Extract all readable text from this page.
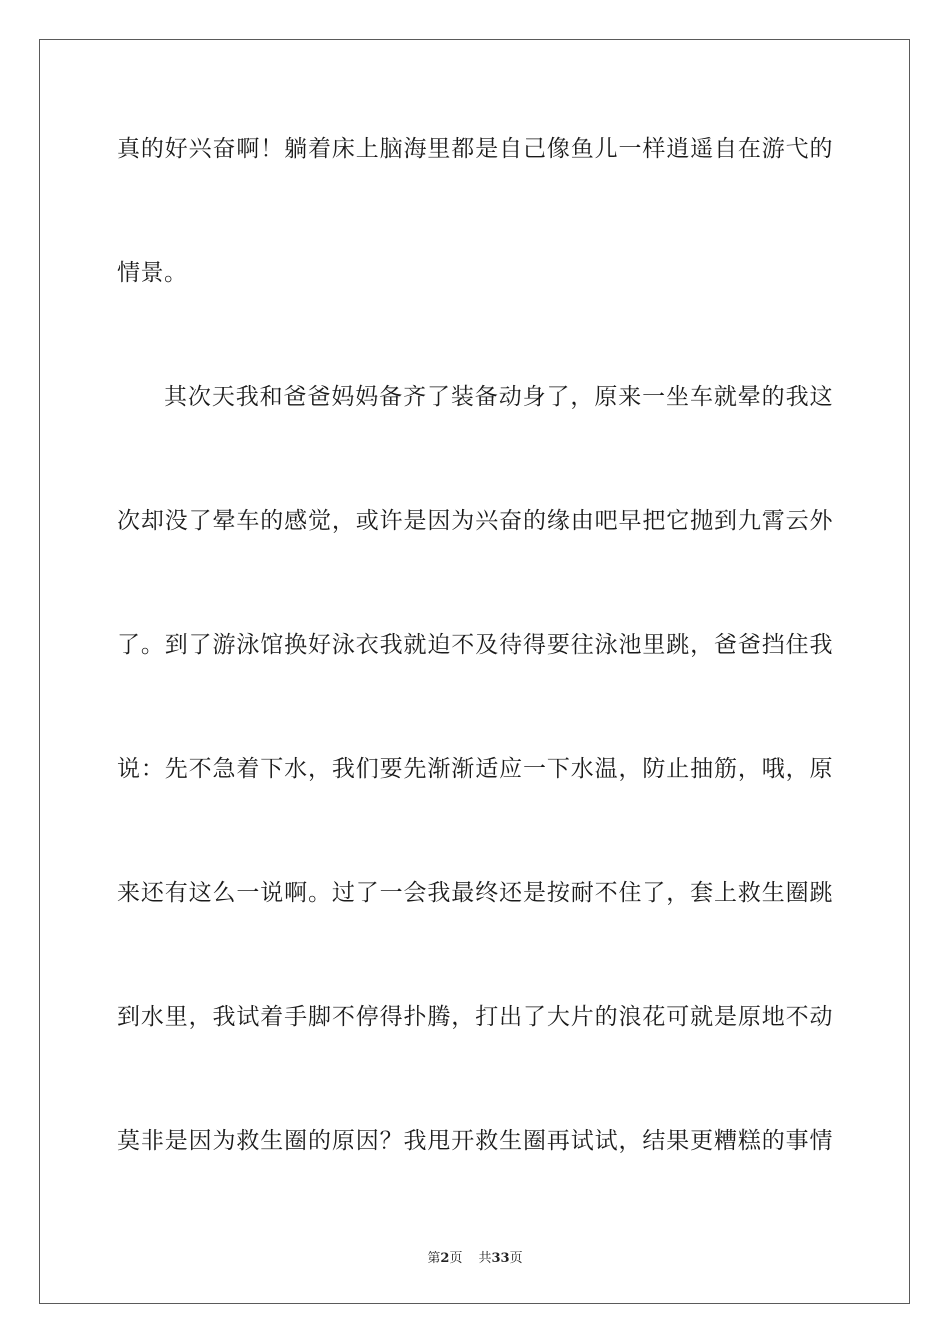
真的好兴奋啊！躺着床上脑海里都是自己像鱼儿一样逍遥自在游弋的
情景。
其次天我和爸爸妈妈备齐了装备动身了，原来一坐车就晕的我这
次却没了晕车的感觉，或许是因为兴奋的缘由吧早把它抛到九霄云外
了。到了游泳馆换好泳衣我就迫不及待得要往泳池里跳，爸爸挡住我
说：先不急着下水，我们要先渐渐适应一下水温，防止抽筋，哦，原
来还有这么一说啊。过了一会我最终还是按耐不住了，套上救生圈跳
到水里，我试着手脚不停得扑腾，打出了大片的浪花可就是原地不动
莫非是因为救生圈的原因？我甩开救生圈再试试，结果更糟糕的事情
第2页 共33页
